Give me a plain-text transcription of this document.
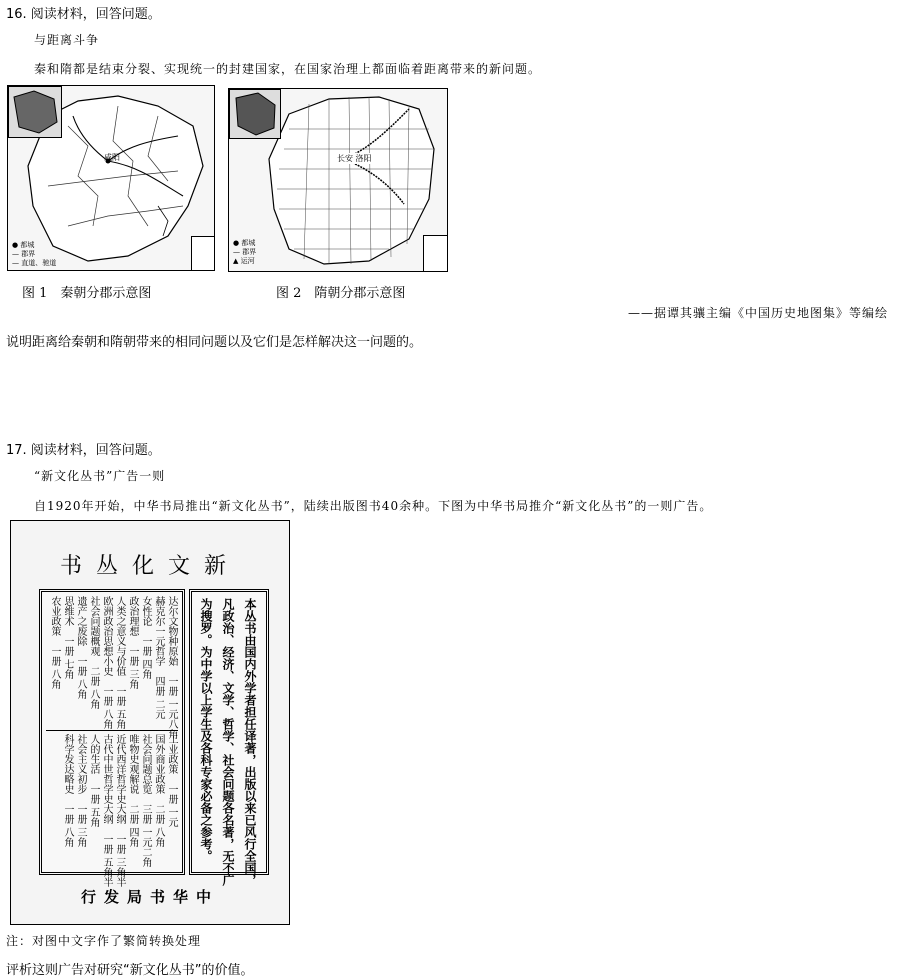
16. 阅读材料，回答问题。
与距离斗争
秦和隋都是结束分裂、实现统一的封建国家，在国家治理上都面临着距离带来的新问题。
咸阳
● 都城
— 郡界
— 直道、驰道
图 1　秦朝分郡示意图
长安 洛阳
● 都城
— 郡界
▲ 运河
图 2　隋朝分郡示意图
——据谭其骧主编《中国历史地图集》等编绘
说明距离给秦朝和隋朝带来的相同问题以及它们是怎样解决这一问题的。
17. 阅读材料，回答问题。
“新文化丛书”广告一则
自1920年开始，中华书局推出“新文化丛书”，陆续出版图书40余种。下图为中华书局推介“新文化丛书”的一则广告。
书丛化文新
达尔文物种原始　一册 一元八角
赫克尔一元哲学　四册 二元
女性论　一册 四角
政治理想　一册 三角
人类之意义与价值　一册 五角
欧洲政治思想小史　一册 八角
社会问题概观　二册 八角
遗产之废除　一册 八角
思维术　一册 七角
农业政策　一册 八角
工业政策　一册 一元
国外商业政策　二册 八角
社会问题总览　三册 一元二角
唯物史观解说　二册 四角
近代西洋哲学史大纲　一册 三角半
古代中世哲学史大纲　一册 五角半
人的生活　一册 五角
社会主义初步　一册 三角
科学发达略史　一册 八角	本丛书由国内外学者担任译著，出版以来已风行全国，
凡政治、经济、文学、哲学、社会问题各名著，无不广
为搜罗。为中学以上学生及各科专家必备之参考。
行发局书华中
注：对图中文字作了繁简转换处理
评析这则广告对研究“新文化丛书”的价值。
